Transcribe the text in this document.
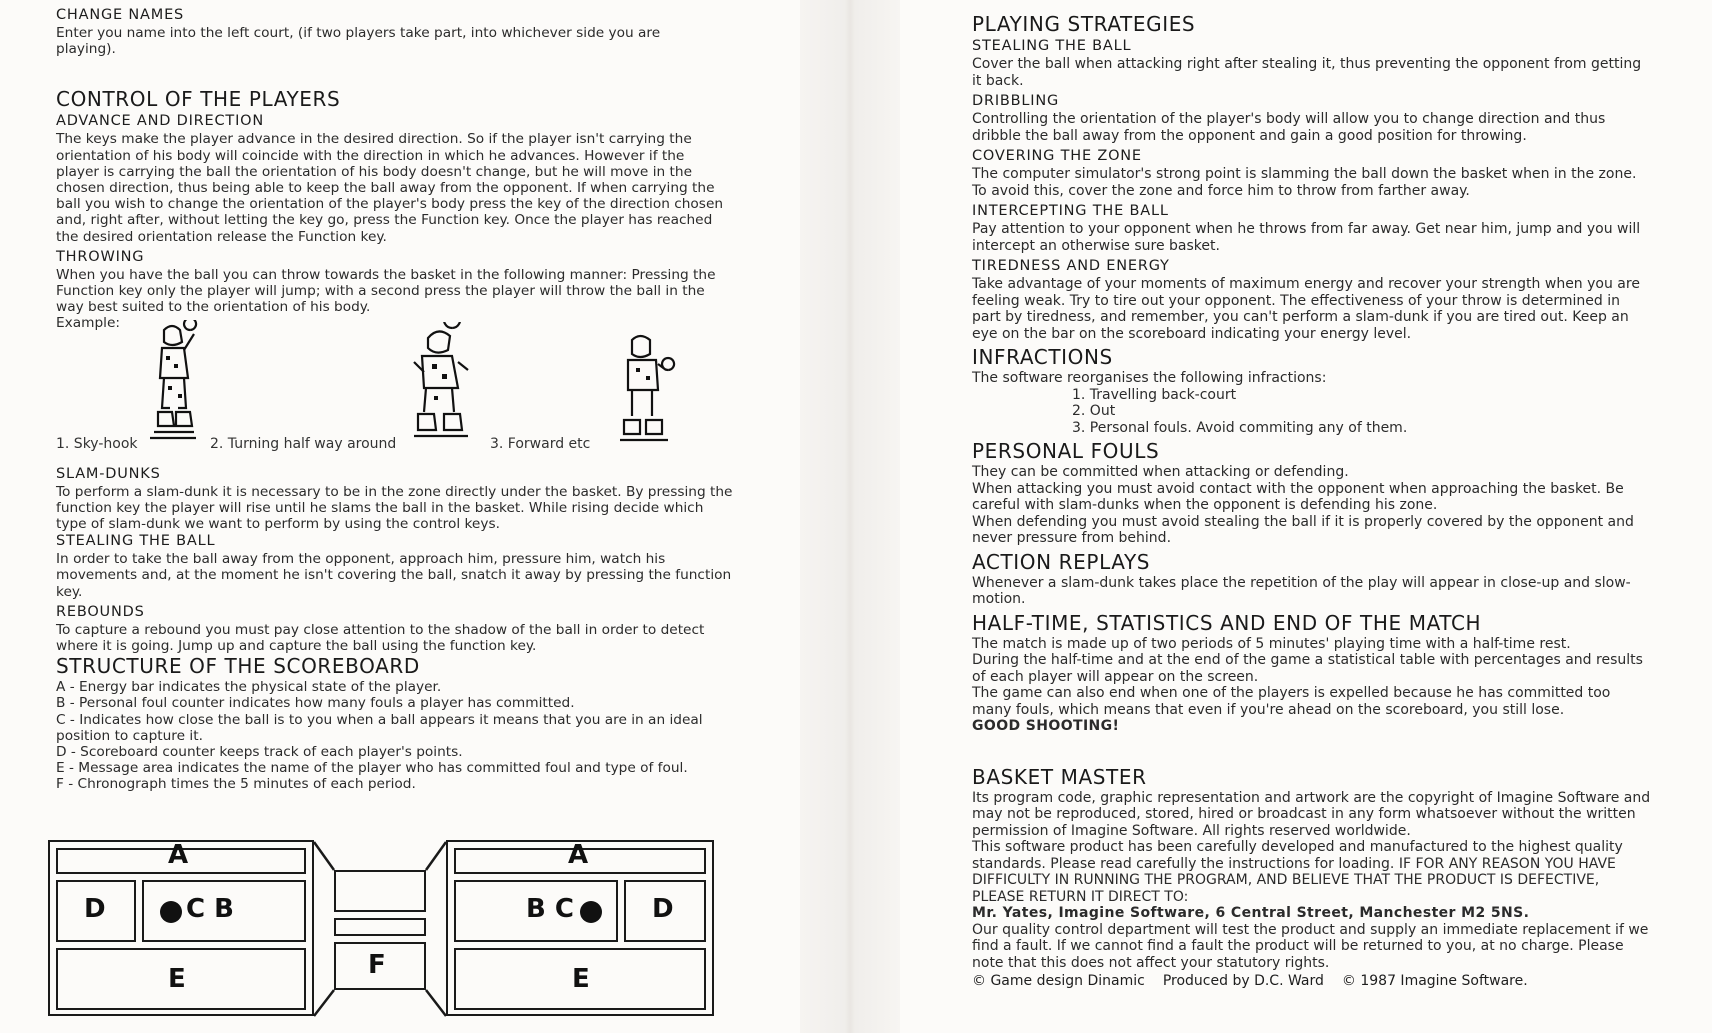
CHANGE NAMES

Enter you name into the left court, (if two players take part, into whichever side you are playing).

CONTROL OF THE PLAYERS
ADVANCE AND DIRECTION

The keys make the player advance in the desired direction. So if the player isn't carrying the orientation of his body will coincide with the direction in which he advances. However if the player is carrying the ball the orientation of his body doesn't change, but he will move in the chosen direction, thus being able to keep the ball away from the opponent. If when carrying the ball you wish to change the orientation of the player's body press the key of the direction chosen and, right after, without letting the key go, press the Function key. Once the player has reached the desired orientation release the Function key.

THROWING

When you have the ball you can throw towards the basket in the following manner: Pressing the Function key only the player will jump; with a second press the player will throw the ball in the way best suited to the orientation of his body.

Example:

1. Sky-hook	2. Turning half way around	3. Forward etc
SLAM-DUNKS

To perform a slam-dunk it is necessary to be in the zone directly under the basket. By pressing the function key the player will rise until he slams the ball in the basket. While rising decide which type of slam-dunk we want to perform by using the control keys.

STEALING THE BALL

In order to take the ball away from the opponent, approach him, pressure him, watch his movements and, at the moment he isn't covering the ball, snatch it away by pressing the function key.

REBOUNDS

To capture a rebound you must pay close attention to the shadow of the ball in order to detect where it is going. Jump up and capture the ball using the function key.

STRUCTURE OF THE SCOREBOARD

A - Energy bar indicates the physical state of the player.

B - Personal foul counter indicates how many fouls a player has committed.

C - Indicates how close the ball is to you when a ball appears it means that you are in an ideal position to capture it.

D - Scoreboard counter keeps track of each player's points.

E - Message area indicates the name of the player who has committed foul and type of foul.

F - Chronograph times the 5 minutes of each period.

A
D	C B
E	F
A
B C	D
E
PLAYING STRATEGIES
STEALING THE BALL

Cover the ball when attacking right after stealing it, thus preventing the opponent from getting it back.

DRIBBLING

Controlling the orientation of the player's body will allow you to change direction and thus dribble the ball away from the opponent and gain a good position for throwing.

COVERING THE ZONE

The computer simulator's strong point is slamming the ball down the basket when in the zone. To avoid this, cover the zone and force him to throw from farther away.

INTERCEPTING THE BALL

Pay attention to your opponent when he throws from far away. Get near him, jump and you will intercept an otherwise sure basket.

TIREDNESS AND ENERGY

Take advantage of your moments of maximum energy and recover your strength when you are feeling weak. Try to tire out your opponent. The effectiveness of your throw is determined in part by tiredness, and remember, you can't perform a slam-dunk if you are tired out. Keep an eye on the bar on the scoreboard indicating your energy level.

INFRACTIONS

The software reorganises the following infractions:

1. Travelling back-court
2. Out
3. Personal fouls. Avoid commiting any of them.
PERSONAL FOULS

They can be committed when attacking or defending.

When attacking you must avoid contact with the opponent when approaching the basket. Be careful with slam-dunks when the opponent is defending his zone.

When defending you must avoid stealing the ball if it is properly covered by the opponent and never pressure from behind.

ACTION REPLAYS

Whenever a slam-dunk takes place the repetition of the play will appear in close-up and slow-motion.

HALF-TIME, STATISTICS AND END OF THE MATCH

The match is made up of two periods of 5 minutes' playing time with a half-time rest.

During the half-time and at the end of the game a statistical table with percentages and results of each player will appear on the screen.

The game can also end when one of the players is expelled because he has committed too many fouls, which means that even if you're ahead on the scoreboard, you still lose.

GOOD SHOOTING!

BASKET MASTER

Its program code, graphic representation and artwork are the copyright of Imagine Software and may not be reproduced, stored, hired or broadcast in any form whatsoever without the written permission of Imagine Software. All rights reserved worldwide.

This software product has been carefully developed and manufactured to the highest quality standards. Please read carefully the instructions for loading. IF FOR ANY REASON YOU HAVE DIFFICULTY IN RUNNING THE PROGRAM, AND BELIEVE THAT THE PRODUCT IS DEFECTIVE, PLEASE RETURN IT DIRECT TO:

Mr. Yates, Imagine Software, 6 Central Street, Manchester M2 5NS.

Our quality control department will test the product and supply an immediate replacement if we find a fault. If we cannot find a fault the product will be returned to you, at no charge. Please note that this does not affect your statutory rights.

© Game design Dinamic Produced by D.C. Ward © 1987 Imagine Software.
